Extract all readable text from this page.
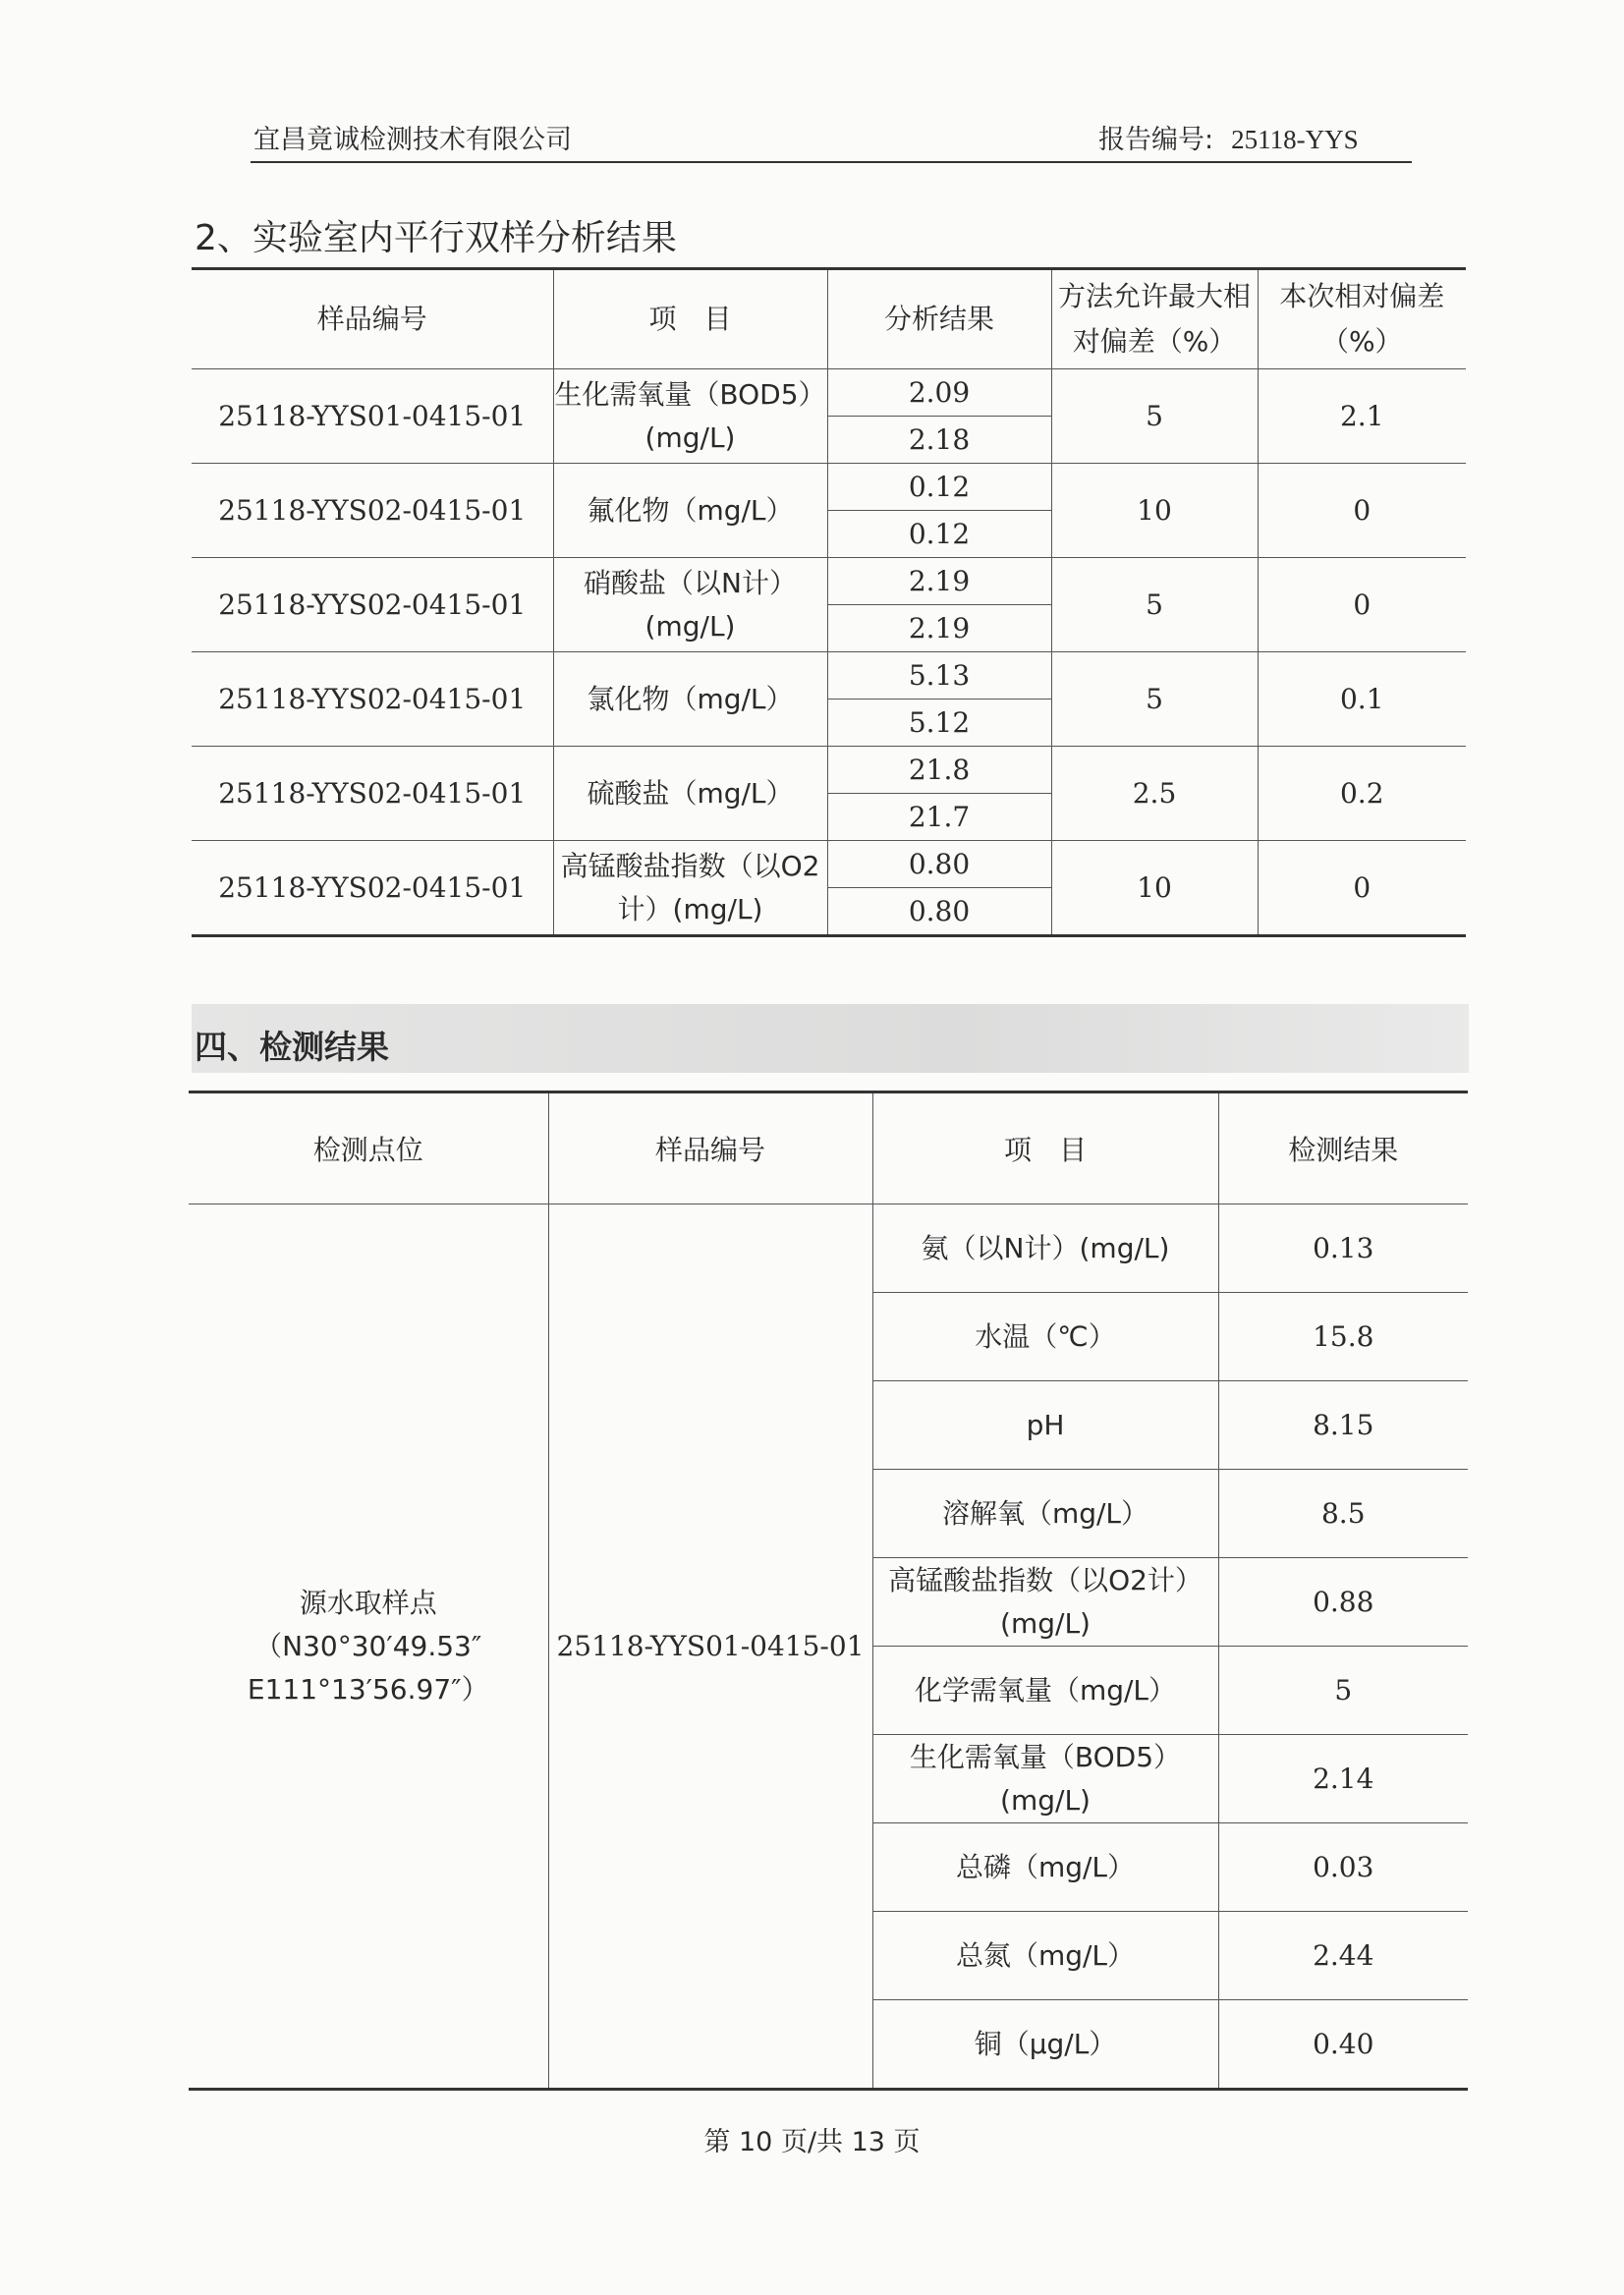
宜昌竟诚检测技术有限公司	报告编号: 25118-YYS
2、实验室内平行双样分析结果
样品编号	项　目	分析结果	方法允许最大相对偏差（%）	本次相对偏差（%）
25118-YYS01-0415-01	生化需氧量（BOD5）(mg/L)	2.09	5	2.1
		2.18		
25118-YYS02-0415-01	氟化物（mg/L）	0.12	10	0
		0.12		
25118-YYS02-0415-01	硝酸盐（以N计）(mg/L)	2.19	5	0
		2.19		
25118-YYS02-0415-01	氯化物（mg/L）	5.13	5	0.1
		5.12		
25118-YYS02-0415-01	硫酸盐（mg/L）	21.8	2.5	0.2
		21.7		
25118-YYS02-0415-01	高锰酸盐指数（以O2计）(mg/L)	0.80	10	0
		0.80		
四、检测结果
检测点位	样品编号	项　目	检测结果
源水取样点（N30°30′49.53″ E111°13′56.97″）	25118-YYS01-0415-01	氨（以N计）(mg/L)	0.13
		水温（℃）	15.8
		pH	8.15
		溶解氧（mg/L）	8.5
		高锰酸盐指数（以O2计）(mg/L)	0.88
		化学需氧量（mg/L）	5
		生化需氧量（BOD5）(mg/L)	2.14
		总磷（mg/L）	0.03
		总氮（mg/L）	2.44
		铜（μg/L）	0.40
第 10 页/共 13 页
